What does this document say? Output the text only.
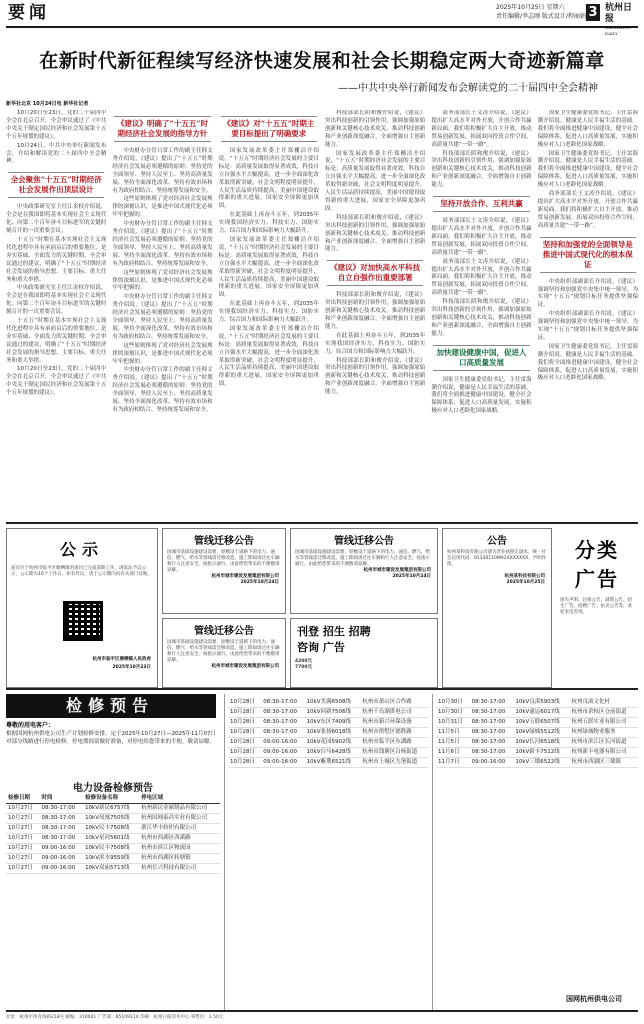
要闻	2025年10月25日 星期六
责任编辑/李志刚 版式设计/程丽娟 3 杭州日报
HANGZHOU DAILY
在新时代新征程续写经济快速发展和社会长期稳定两大奇迹新篇章
——中共中央举行新闻发布会解读党的二十届四中全会精神
新华社北京 10月24日电 新华社记者

10月20日至23日，党的二十届四中全会在北京召开。全会审议通过了《中共中央关于制定国民经济和社会发展第十五个五年规划的建议》。

10月24日，中共中央举行新闻发布会，介绍和解读党的二十届四中全会精神。

全会聚焦“十五五”时期经济社会发展作出顶层设计

中央政策研究室主任江金权介绍说，全会是在我国即将基本实现社会主义现代化、向第二个百年奋斗目标进军的关键时刻召开的一次重要会议。

十五五”时期在基本实现社会主义现代化进程中具有承前启后的重要地位，是夯实基础、全面发力的关键时期。全会审议通过的建议，明确了“十五五”时期经济社会发展的指导思想、主要目标、重大任务和重大举措。

中央政策研究室主任江金权介绍说，全会是在我国即将基本实现社会主义现代化、向第二个百年奋斗目标进军的关键时刻召开的一次重要会议。

十五五”时期在基本实现社会主义现代化进程中具有承前启后的重要地位，是夯实基础、全面发力的关键时期。全会审议通过的建议，明确了“十五五”时期经济社会发展的指导思想、主要目标、重大任务和重大举措。

10月20日至23日，党的二十届四中全会在北京召开。全会审议通过了《中共中央关于制定国民经济和社会发展第十五个五年规划的建议》。

《建议》明确了“十五五”时期经济社会发展的指导方针

中央财办分管日常工作的副主任韩文秀介绍说，《建议》提出了“十五五”时期经济社会发展必须遵循的原则：坚持党的全面领导、坚持人民至上、坚持高质量发展、坚持全面深化改革、坚持有效市场和有为政府相结合、坚持统筹发展和安全。

这些原则体现了党对经济社会发展规律的深刻认识，是推进中国式现代化必须牢牢把握的。

中央财办分管日常工作的副主任韩文秀介绍说，《建议》提出了“十五五”时期经济社会发展必须遵循的原则：坚持党的全面领导、坚持人民至上、坚持高质量发展、坚持全面深化改革、坚持有效市场和有为政府相结合、坚持统筹发展和安全。

这些原则体现了党对经济社会发展规律的深刻认识，是推进中国式现代化必须牢牢把握的。

中央财办分管日常工作的副主任韩文秀介绍说，《建议》提出了“十五五”时期经济社会发展必须遵循的原则：坚持党的全面领导、坚持人民至上、坚持高质量发展、坚持全面深化改革、坚持有效市场和有为政府相结合、坚持统筹发展和安全。

这些原则体现了党对经济社会发展规律的深刻认识，是推进中国式现代化必须牢牢把握的。

中央财办分管日常工作的副主任韩文秀介绍说，《建议》提出了“十五五”时期经济社会发展必须遵循的原则：坚持党的全面领导、坚持人民至上、坚持高质量发展、坚持全面深化改革、坚持有效市场和有为政府相结合、坚持统筹发展和安全。

《建议》对“十五五”时期主要目标提出了明确要求

国家发展改革委主任郑栅洁介绍说，“十五五”时期经济社会发展的主要目标是：高质量发展取得显著成效，科技自立自强水平大幅提高，进一步全面深化改革取得新突破，社会文明程度明显提升，人民生活品质持续提高，美丽中国建设取得新的重大进展，国家安全屏障更加巩固。

在此基础上再奋斗五年，到2035年实现我国经济实力、科技实力、国防实力、综合国力和国际影响力大幅跃升。

国家发展改革委主任郑栅洁介绍说，“十五五”时期经济社会发展的主要目标是：高质量发展取得显著成效，科技自立自强水平大幅提高，进一步全面深化改革取得新突破，社会文明程度明显提升，人民生活品质持续提高，美丽中国建设取得新的重大进展，国家安全屏障更加巩固。

在此基础上再奋斗五年，到2035年实现我国经济实力、科技实力、国防实力、综合国力和国际影响力大幅跃升。

国家发展改革委主任郑栅洁介绍说，“十五五”时期经济社会发展的主要目标是：高质量发展取得显著成效，科技自立自强水平大幅提高，进一步全面深化改革取得新突破，社会文明程度明显提升，人民生活品质持续提高，美丽中国建设取得新的重大进展，国家安全屏障更加巩固。

科技部部长阴和俊介绍说，《建议》突出科技创新的引领作用，强调加强原始创新和关键核心技术攻关，推动科技创新和产业创新深度融合，全面增强自主创新能力。

国家发展改革委主任郑栅洁介绍说，“十五五”时期经济社会发展的主要目标是：高质量发展取得显著成效，科技自立自强水平大幅提高，进一步全面深化改革取得新突破，社会文明程度明显提升，人民生活品质持续提高，美丽中国建设取得新的重大进展，国家安全屏障更加巩固。

科技部部长阴和俊介绍说，《建议》突出科技创新的引领作用，强调加强原始创新和关键核心技术攻关，推动科技创新和产业创新深度融合，全面增强自主创新能力。

《建议》对加快高水平科技自立自强作出重要部署

科技部部长阴和俊介绍说，《建议》突出科技创新的引领作用，强调加强原始创新和关键核心技术攻关，推动科技创新和产业创新深度融合，全面增强自主创新能力。

在此基础上再奋斗五年，到2035年实现我国经济实力、科技实力、国防实力、综合国力和国际影响力大幅跃升。

科技部部长阴和俊介绍说，《建议》突出科技创新的引领作用，强调加强原始创新和关键核心技术攻关，推动科技创新和产业创新深度融合，全面增强自主创新能力。

商务部部长王文涛介绍说，《建议》提出扩大高水平对外开放，开创合作共赢新局面。我们将积极扩大自主开放，推动贸易创新发展，拓展双向投资合作空间，高质量共建“一带一路”。

科技部部长阴和俊介绍说，《建议》突出科技创新的引领作用，强调加强原始创新和关键核心技术攻关，推动科技创新和产业创新深度融合，全面增强自主创新能力。

坚持开放合作、互利共赢

商务部部长王文涛介绍说，《建议》提出扩大高水平对外开放，开创合作共赢新局面。我们将积极扩大自主开放，推动贸易创新发展，拓展双向投资合作空间，高质量共建“一带一路”。

商务部部长王文涛介绍说，《建议》提出扩大高水平对外开放，开创合作共赢新局面。我们将积极扩大自主开放，推动贸易创新发展，拓展双向投资合作空间，高质量共建“一带一路”。

科技部部长阴和俊介绍说，《建议》突出科技创新的引领作用，强调加强原始创新和关键核心技术攻关，推动科技创新和产业创新深度融合，全面增强自主创新能力。

加快建设健康中国，促进人口高质量发展

国家卫生健康委党组书记、主任雷海潮介绍说，健康是人民幸福生活的基础。我们将全面推进健康中国建设，健全社会保障体系，促进人口高质量发展，实施积极应对人口老龄化国家战略。

国家卫生健康委党组书记、主任雷海潮介绍说，健康是人民幸福生活的基础。我们将全面推进健康中国建设，健全社会保障体系，促进人口高质量发展，实施积极应对人口老龄化国家战略。

国家卫生健康委党组书记、主任雷海潮介绍说，健康是人民幸福生活的基础。我们将全面推进健康中国建设，健全社会保障体系，促进人口高质量发展，实施积极应对人口老龄化国家战略。

商务部部长王文涛介绍说，《建议》提出扩大高水平对外开放，开创合作共赢新局面。我们将积极扩大自主开放，推动贸易创新发展，拓展双向投资合作空间，高质量共建“一带一路”。

坚持和加强党的全面领导是推进中国式现代化的根本保证

中央组织部副部长介绍说，《建议》强调坚持和加强党中央集中统一领导，为实现“十五五”规划目标任务提供坚强保证。

中央组织部副部长介绍说，《建议》强调坚持和加强党中央集中统一领导，为实现“十五五”规划目标任务提供坚强保证。

国家卫生健康委党组书记、主任雷海潮介绍说，健康是人民幸福生活的基础。我们将全面推进健康中国建设，健全社会保障体系，促进人口高质量发展，实施积极应对人口老龄化国家战略。

公示
兹有位于杭州市临平区塘栖镇的项目已完成前期工作，现依法予以公示，公示期为10个工作日。如有异议，请于公示期内向有关部门反映。
杭州市临平区塘栖镇人民政府
2025年10月23日
管线迁移公告
因城市基础设施建设需要，原敷设于道路下的电力、通信、燃气、给水等管线需迁移改造。施工期间请过往车辆和行人注意安全，按指示通行。由此给您带来的不便敬请谅解。
杭州市城市建设发展集团有限公司
2025年10月24日
管线迁移公告
因城市基础设施建设需要，原敷设于道路下的电力、通信、燃气、给水等管线需迁移改造。施工期间请过往车辆和行人注意安全，按指示通行。由此给您带来的不便敬请谅解。
杭州市城市建设发展集团有限公司
2025年10月24日
管线迁移公告
因城市基础设施建设需要，原敷设于道路下的电力、通信、燃气、给水等管线需迁移改造。施工期间请过往车辆和行人注意安全，按指示通行。由此给您带来的不便敬请谅解。
杭州市城市建设发展集团有限公司
刊登 招生 招聘
咨询 广告
4200元
7700元
公告
杭州某科技有限公司遗失营业执照正副本，统一社会信用代码：91330110MA2XXXXXXX，声明作废。
杭州某科技有限公司
2025年10月25日
分类
广告
遗失声明、注销公告、减资公告、招生广告、招聘广告、拍卖公告等，欢迎来电咨询。
检修预告
尊敬的用电客户：
根据国网杭州供电公司生产计划检修安排，定于2025年10月27日—2025年11月07日对部分线路进行停电检修。停电期间请做好准备，对停电给您带来的不便，敬请谅解。
电力设备检修预告
检修日期	时间	检修设备名称	停电区域
10月27日	08:30-17:00	10kV新民6757线	杭州新民金属制品有限公司
10月27日	08:30-17:00	10kV凤凰7505线	杭州国网泰昌实业有限公司
10月27日	08:30-17:00	10kV民丰7508线	浙江华丰纺织有限公司
10月27日	08:30-17:00	10kV星河5601线	杭州市西湖区西溪路
10月27日	09:00-16:00	10kV民丰7508线	杭州市滨江区物流园
10月27日	09:00-16:00	10kV滨水9559线	杭州市西湖区转塘镇
10月27日	09:00-16:00	10kV双庙5713线	杭州长兴科技有限公司
10月28日	08:30-17:00	10kV美满6508线	杭州市萧山区合作路
10月28日	08:30-17:00	10kV同新7506线	杭州千岛湖供电公司
10月28日	08:30-17:00	10kV东区7409线	杭州市新兴环保设备
10月28日	08:30-17:00	10kV张扬6018线	杭州市拱墅区德胜路
10月28日	09:00-16:00	10kV花园5902线	杭州市临平区东湖路
10月28日	09:00-16:00	10kV白马6428线	杭州市钱塘区白杨街道
10月28日	09:00-16:00	10kV紫荆6521线	杭州市上城区九堡街道
10月30日	08:30-17:00	10kV良渚5903线	杭州良渚文化村
10月30日	08:30-17:00	10kV通运6017线	杭州市余杭区仓前街道
10月31日	08:30-17:00	10kV五联6507线	杭州五联实业有限公司
11月5日	08:30-17:00	10kV绿城5512线	杭州绿城物业服务
11月5日	08:30-17:00	10kV长河6518线	杭州市滨江区长河街道
11月6日	08:30-17:00	10kV新丰7512线	杭州新丰电器有限公司
11月7日	09:00-16:00	10kV三墩6522线	杭州市西湖区三墩镇
国网杭州供电公司
社址：杭州市体育场路218号 邮编：310041 广告部：85109114 印刷：杭州日报印务中心 零售价：1.50元
